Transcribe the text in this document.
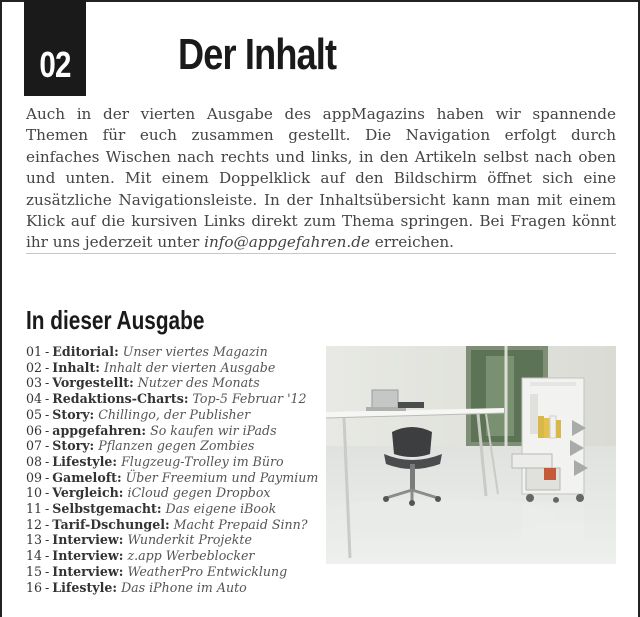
02 Der Inhalt

Auch in der vierten Ausgabe des appMagazins haben wir spannende Themen für euch zusammen gestellt. Die Navigation erfolgt durch einfaches Wischen nach rechts und links, in den Artikeln selbst nach oben und unten. Mit einem Doppelklick auf den Bildschirm öffnet sich eine zusätzliche Navigationsleiste. In der Inhaltsübersicht kann man mit einem Klick auf die kursiven Links direkt zum Thema springen. Bei Fragen könnt ihr uns jederzeit unter info@appgefahren.de erreichen.

In dieser Ausgabe
01 - Editorial: Unser viertes Magazin
02 - Inhalt: Inhalt der vierten Ausgabe
03 - Vorgestellt: Nutzer des Monats
04 - Redaktions-Charts: Top-5 Februar '12
05 - Story: Chillingo, der Publisher
06 - appgefahren: So kaufen wir iPads
07 - Story: Pflanzen gegen Zombies
08 - Lifestyle: Flugzeug-Trolley im Büro
09 - Gameloft: Über Freemium und Paymium
10 - Vergleich: iCloud gegen Dropbox
11 - Selbstgemacht: Das eigene iBook
12 - Tarif-Dschungel: Macht Prepaid Sinn?
13 - Interview: Wunderkit Projekte
14 - Interview: z.app Werbeblocker
15 - Interview: WeatherPro Entwicklung
16 - Lifestyle: Das iPhone im Auto
